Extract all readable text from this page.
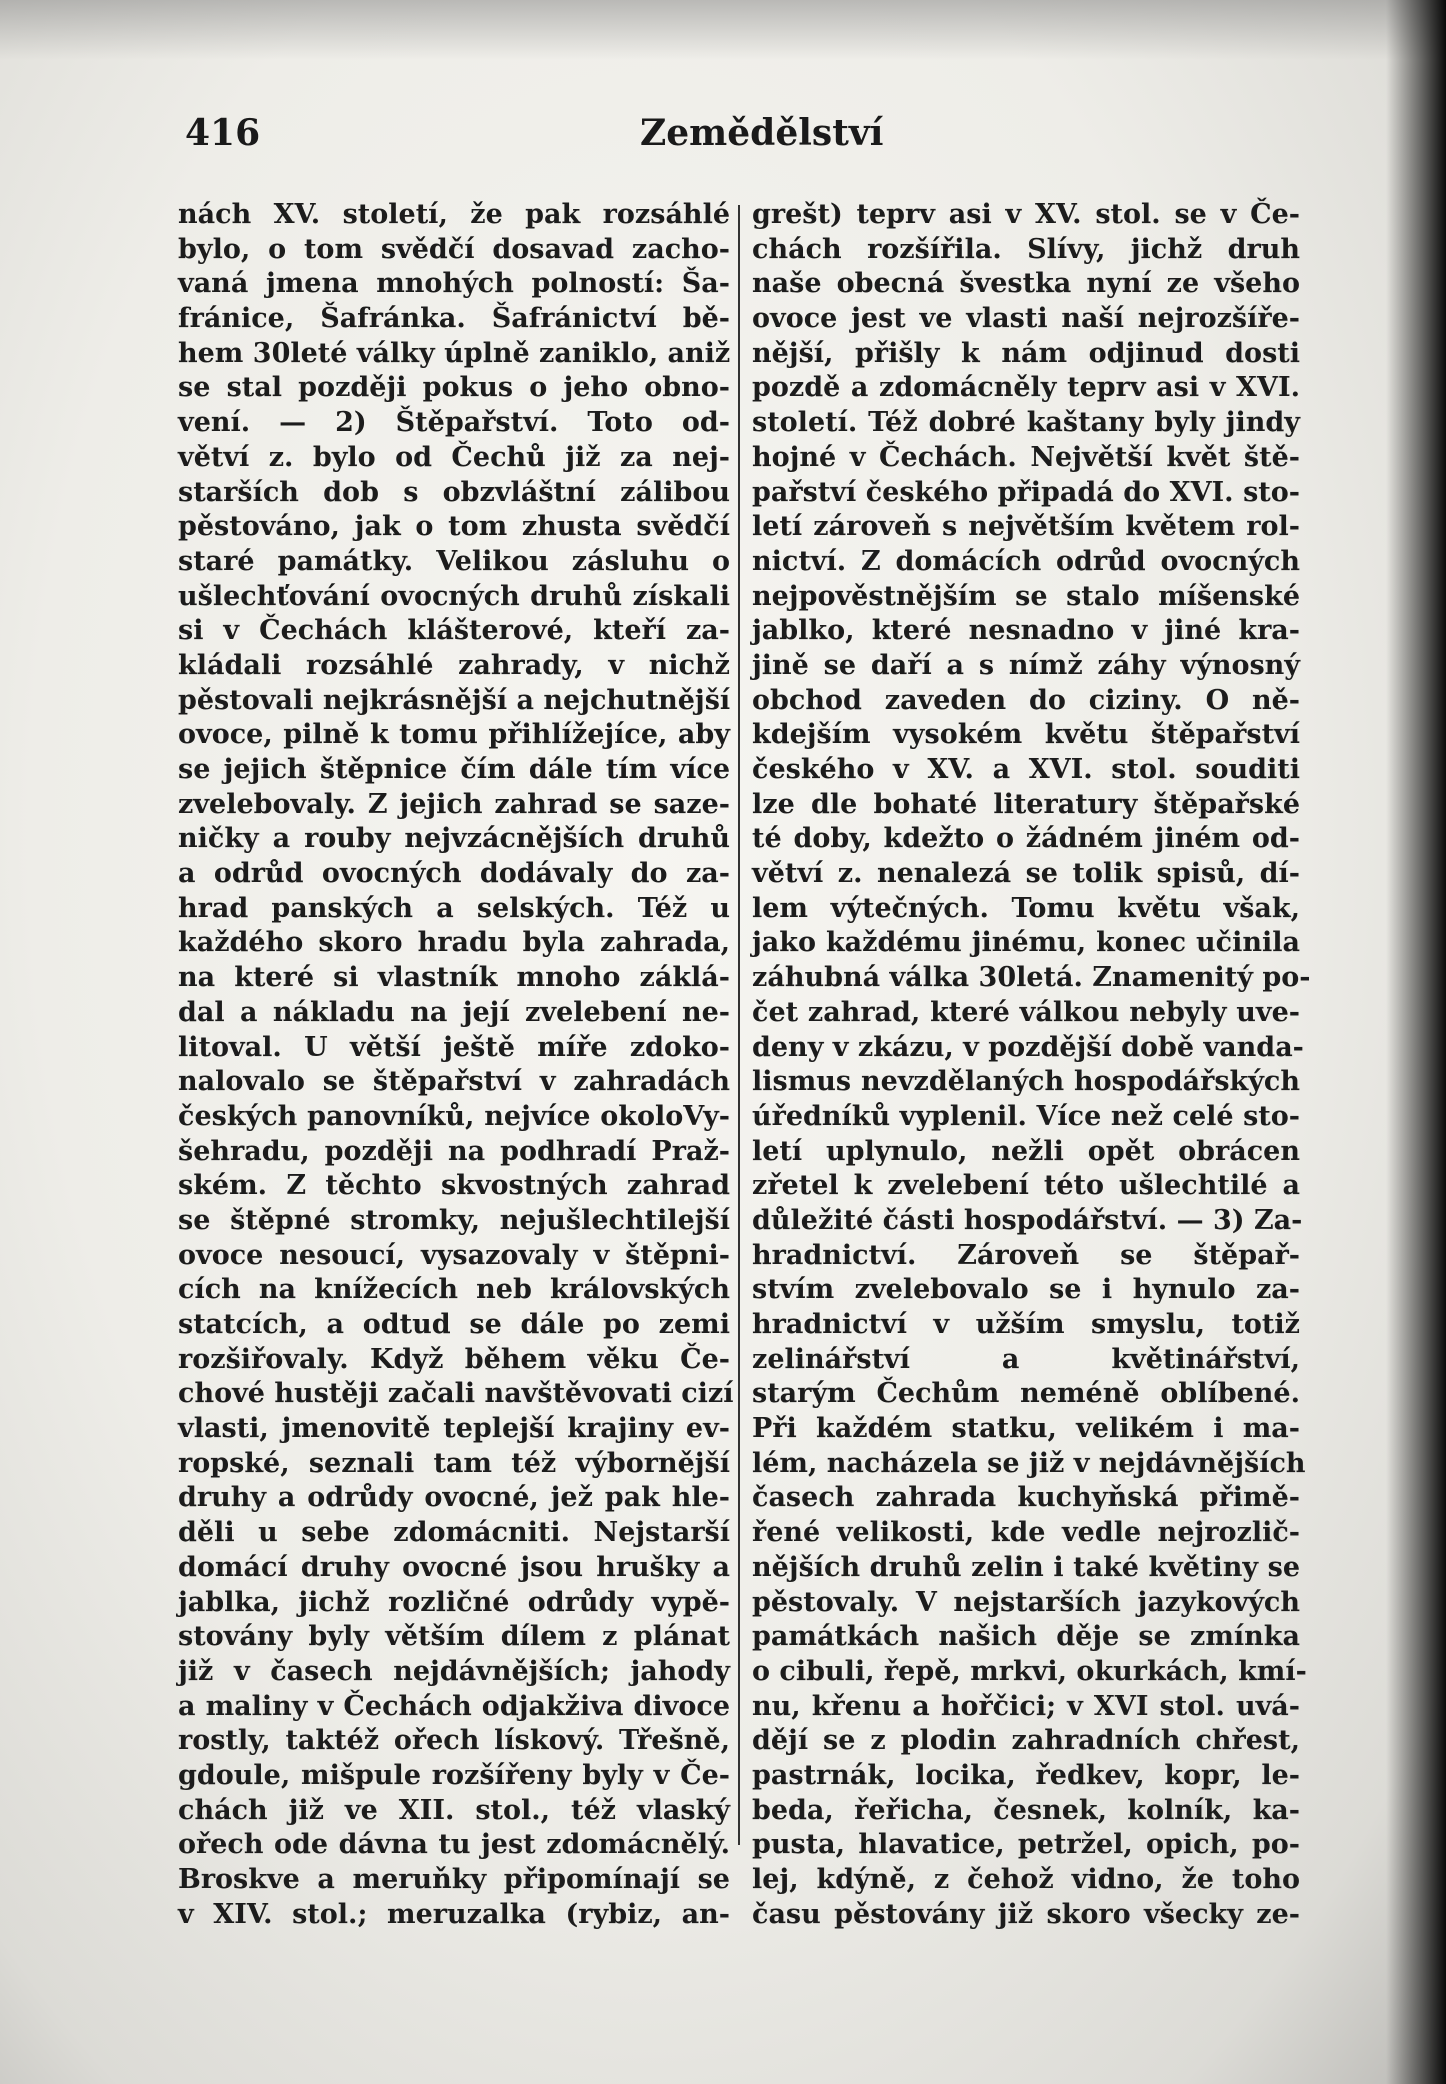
416	Zemědělství
nách XV. století, že pak rozsáhlé
bylo, o tom svědčí dosavad zacho-
vaná jmena mnohých polností: Ša-
fránice, Šafránka. Šafránictví bě-
hem 30leté války úplně zaniklo, aniž
se stal později pokus o jeho obno-
vení. — 2) Štěpařství. Toto od-
větví z. bylo od Čechů již za nej-
starších dob s obzvláštní zálibou
pěstováno, jak o tom zhusta svědčí
staré památky. Velikou zásluhu o
ušlechťování ovocných druhů získali
si v Čechách klášterové, kteří za-
kládali rozsáhlé zahrady, v nichž
pěstovali nejkrásnější a nejchutnější
ovoce, pilně k tomu přihlížejíce, aby
se jejich štěpnice čím dále tím více
zvelebovaly. Z jejich zahrad se saze-
ničky a rouby nejvzácnějších druhů
a odrůd ovocných dodávaly do za-
hrad panských a selských. Též u
každého skoro hradu byla zahrada,
na které si vlastník mnoho záklá-
dal a nákladu na její zvelebení ne-
litoval. U větší ještě míře zdoko-
nalovalo se štěpařství v zahradách
českých panovníků, nejvíce okoloVy-
šehradu, později na podhradí Praž-
ském. Z těchto skvostných zahrad
se štěpné stromky, nejušlechtilejší
ovoce nesoucí, vysazovaly v štěpni-
cích na knížecích neb královských
statcích, a odtud se dále po zemi
rozšiřovaly. Když během věku Če-
chové hustěji začali navštěvovati cizí
vlasti, jmenovitě teplejší krajiny ev-
ropské, seznali tam též výbornější
druhy a odrůdy ovocné, jež pak hle-
děli u sebe zdomácniti. Nejstarší
domácí druhy ovocné jsou hrušky a
jablka, jichž rozličné odrůdy vypě-
stovány byly větším dílem z plánat
již v časech nejdávnějších; jahody
a maliny v Čechách odjakživa divoce
rostly, taktéž ořech lískový. Třešně,
gdoule, mišpule rozšířeny byly v Če-
chách již ve XII. stol., též vlaský
ořech ode dávna tu jest zdomácnělý.
Broskve a meruňky připomínají se
v XIV. stol.; meruzalka (rybiz, an-
grešt) teprv asi v XV. stol. se v Če-
chách rozšířila. Slívy, jichž druh
naše obecná švestka nyní ze všeho
ovoce jest ve vlasti naší nejrozšíře-
nější, přišly k nám odjinud dosti
pozdě a zdomácněly teprv asi v XVI.
století. Též dobré kaštany byly jindy
hojné v Čechách. Největší květ ště-
pařství českého připadá do XVI. sto-
letí zároveň s největším květem rol-
nictví. Z domácích odrůd ovocných
nejpověstnějším se stalo míšenské
jablko, které nesnadno v jiné kra-
jině se daří a s nímž záhy výnosný
obchod zaveden do ciziny. O ně-
kdejším vysokém květu štěpařství
českého v XV. a XVI. stol. souditi
lze dle bohaté literatury štěpařské
té doby, kdežto o žádném jiném od-
větví z. nenalezá se tolik spisů, dí-
lem výtečných. Tomu květu však,
jako každému jinému, konec učinila
záhubná válka 30letá. Znamenitý po-
čet zahrad, které válkou nebyly uve-
deny v zkázu, v pozdější době vanda-
lismus nevzdělaných hospodářských
úředníků vyplenil. Více než celé sto-
letí uplynulo, nežli opět obrácen
zřetel k zvelebení této ušlechtilé a
důležité části hospodářství. — 3) Za-
hradnictví. Zároveň se štěpař-
stvím zvelebovalo se i hynulo za-
hradnictví v užším smyslu, totiž
zelinářství a květinářství,
starým Čechům neméně oblíbené.
Při každém statku, velikém i ma-
lém, nacházela se již v nejdávnějších
časech zahrada kuchyňská přimě-
řené velikosti, kde vedle nejrozlič-
nějších druhů zelin i také květiny se
pěstovaly. V nejstarších jazykových
památkách našich děje se zmínka
o cibuli, řepě, mrkvi, okurkách, kmí-
nu, křenu a hořčici; v XVI stol. uvá-
dějí se z plodin zahradních chřest,
pastrnák, locika, ředkev, kopr, le-
beda, řeřicha, česnek, kolník, ka-
pusta, hlavatice, petržel, opich, po-
lej, kdýně, z čehož vidno, že toho
času pěstovány již skoro všecky ze-
